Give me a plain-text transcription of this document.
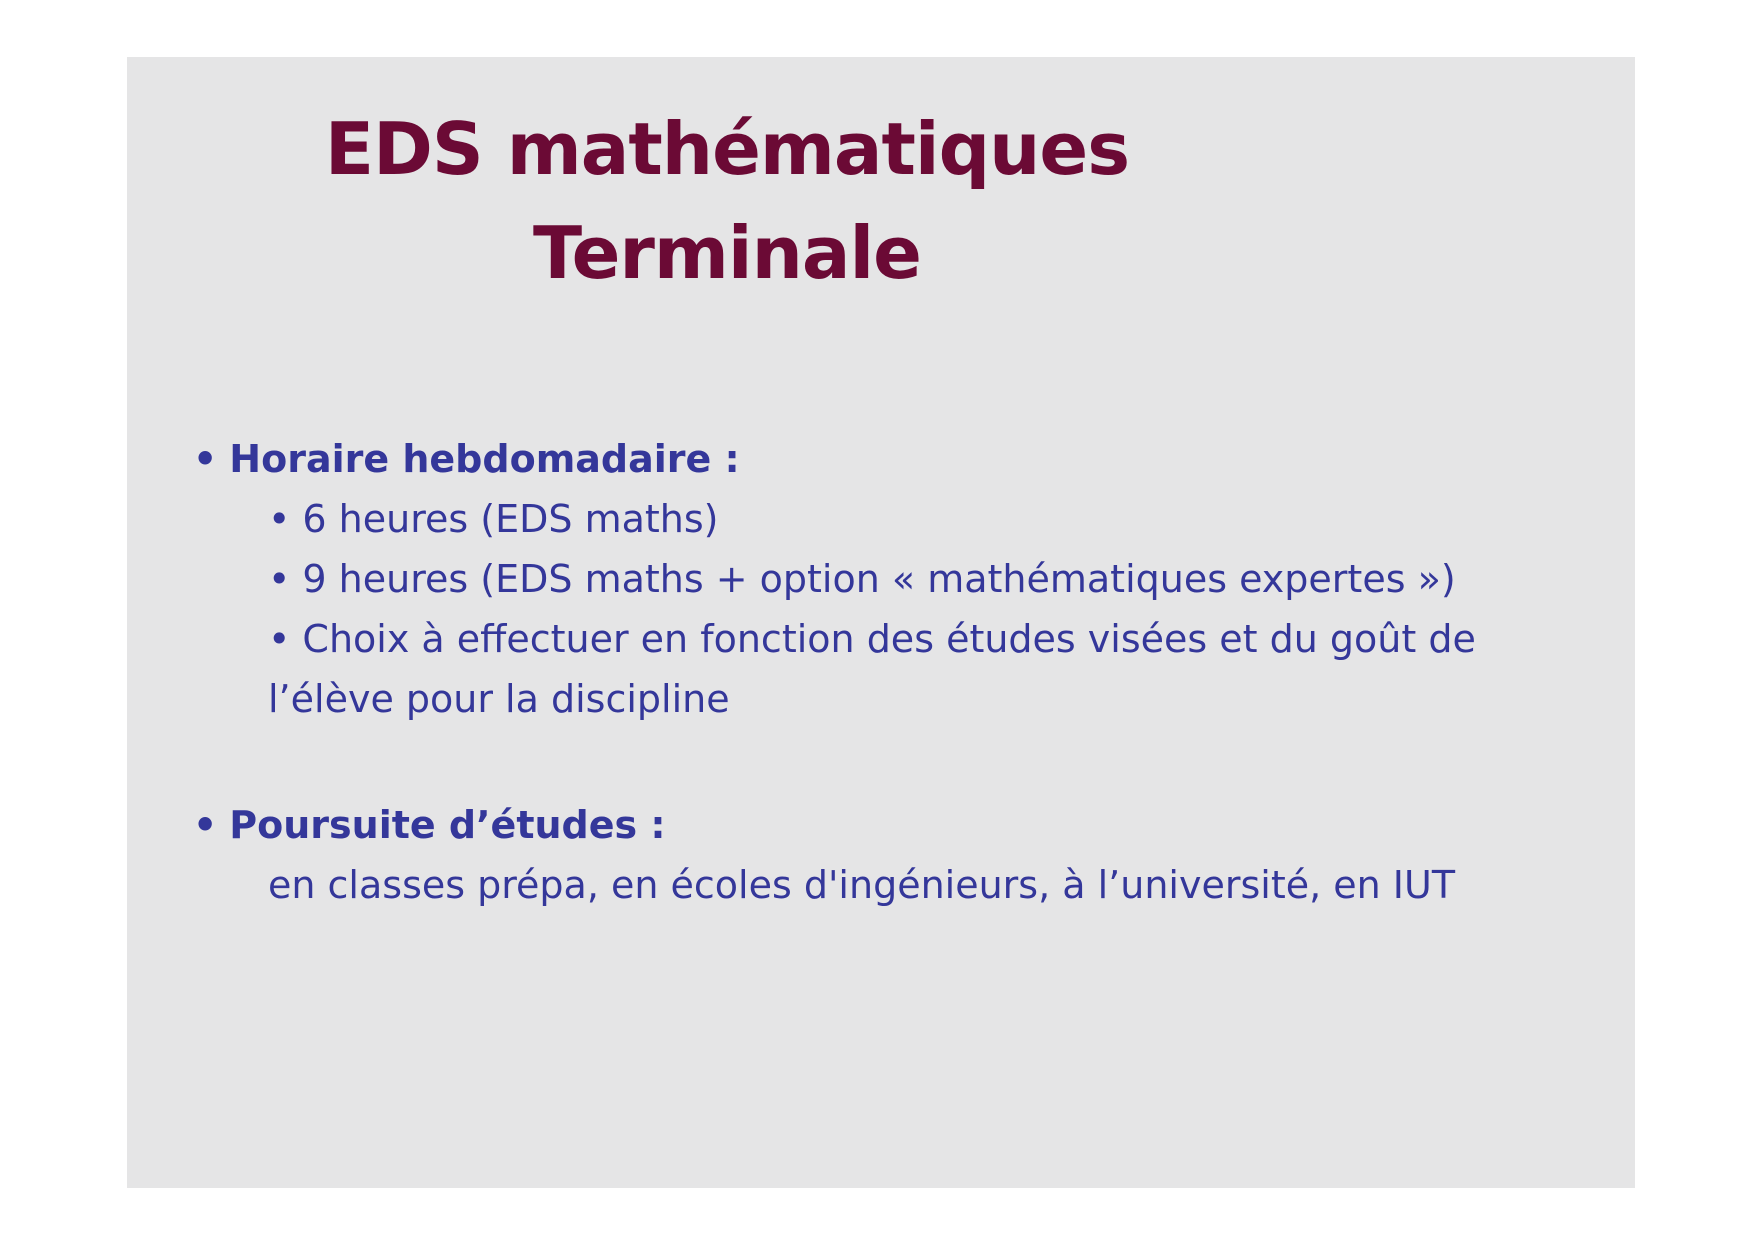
EDS mathématiques
Terminale
• Horaire hebdomadaire :
• 6 heures (EDS maths)
• 9 heures (EDS maths + option « mathématiques expertes »)
• Choix à effectuer en fonction des études visées et du goût de
l’élève pour la discipline
• Poursuite d’études :
en classes prépa, en écoles d'ingénieurs, à l’université, en IUT
